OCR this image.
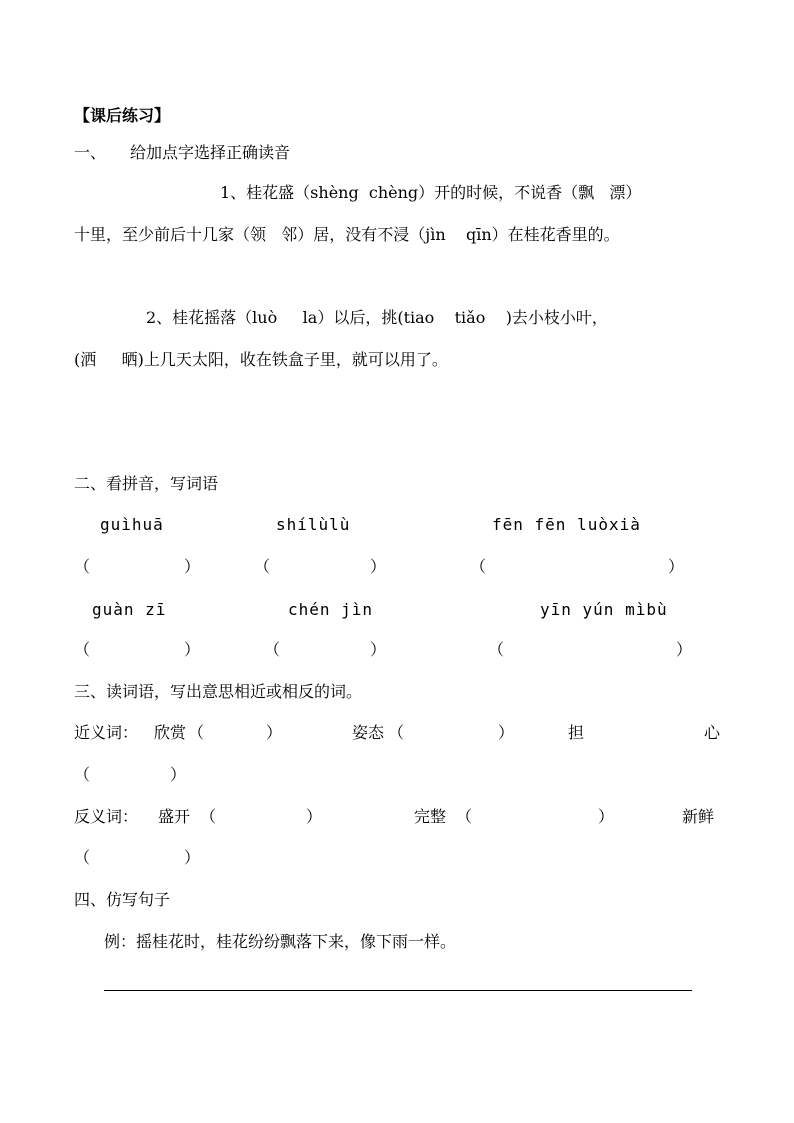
【课后练习】

一、 给加点字选择正确读音

1、桂花盛（shèng  chèng）开的时候，不说香（飘   漂）

十里，至少前后十几家（领   邻）居，没有不浸（jìn    qīn）在桂花香里的。

2、桂花摇落（luò     la）以后，挑(tiao    tiǎo    )去小枝小叶，

(洒     晒)上几天太阳，收在铁盒子里，就可以用了。

二、看拼音，写词语

guìhuā	shílùlù	fēn fēn luòxià

（	）	（	）	（	）

guàn zī	chén jìn	yīn yún mìbù

（	）	（	）	（	）

三、读词语，写出意思相近或相反的词。

近义词： 欣赏 （	）	姿态 （	）	担	心
（	）
反义词： 盛开 （	）	完整 （	）	新鲜
（	）

四、仿写句子

例：摇桂花时，桂花纷纷飘落下来，像下雨一样。
